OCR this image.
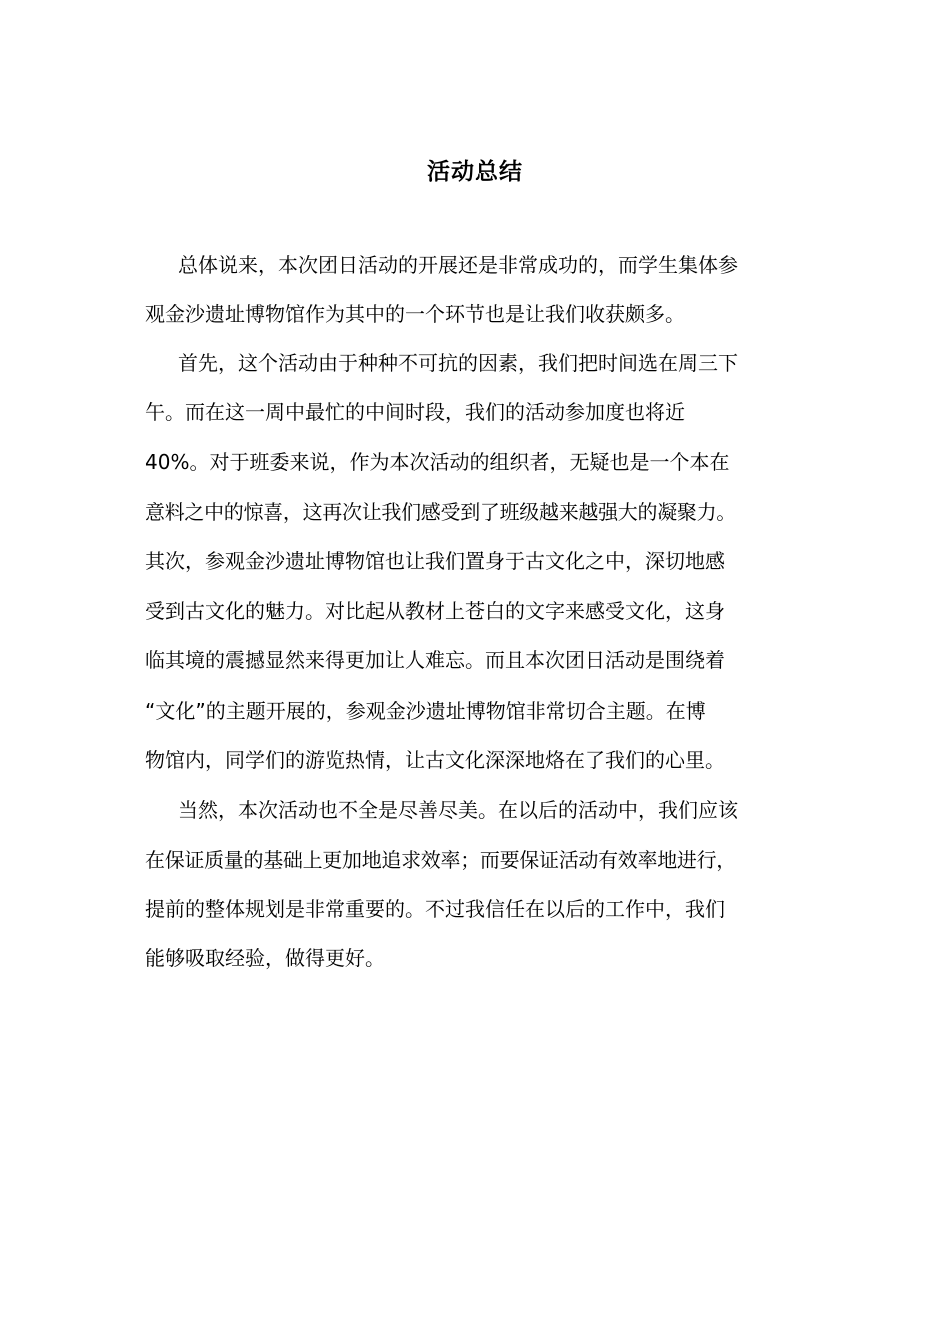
活动总结
总体说来，本次团日活动的开展还是非常成功的，而学生集体参
观金沙遗址博物馆作为其中的一个环节也是让我们收获颇多。
首先，这个活动由于种种不可抗的因素，我们把时间选在周三下
午。而在这一周中最忙的中间时段，我们的活动参加度也将近
40%。对于班委来说，作为本次活动的组织者，无疑也是一个本在
意料之中的惊喜，这再次让我们感受到了班级越来越强大的凝聚力。
其次，参观金沙遗址博物馆也让我们置身于古文化之中，深切地感
受到古文化的魅力。对比起从教材上苍白的文字来感受文化，这身
临其境的震撼显然来得更加让人难忘。而且本次团日活动是围绕着
“文化”的主题开展的，参观金沙遗址博物馆非常切合主题。在博
物馆内，同学们的游览热情，让古文化深深地烙在了我们的心里。
当然，本次活动也不全是尽善尽美。在以后的活动中，我们应该
在保证质量的基础上更加地追求效率；而要保证活动有效率地进行，
提前的整体规划是非常重要的。不过我信任在以后的工作中，我们
能够吸取经验，做得更好。
